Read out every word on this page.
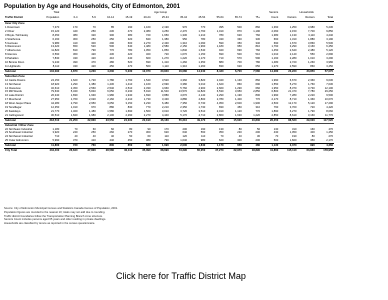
Population by Age and Households, City of Edmonton, 2001
	Total	Age Group											Seniors	Households		
Traffic District	Population	0-4	5-9	10-14	15-19	20-24	25-34	35-44	45-54	55-64	65-74	75+	Count	Owners	Renters	Total
Inner City Zone																
1 Downtown	7,370	170	70	85	190	1,160	2,190	970	770	395	500	860	1,360	1,250	3,980	5,230
2 Oliver	15,120	440	250	230	470	2,380	4,250	2,470	1,760	1,010	870	1,190	2,060	2,150	7,700	9,850
3 Boyle / McCauley	8,450	380	320	300	380	720	1,650	1,330	1,210	780	620	760	1,380	1,130	3,110	4,240
4 Strathcona	6,160	300	250	250	320	840	1,380	950	780	430	330	330	660	1,310	1,880	3,190
5 Garneau	9,980	410	300	290	600	2,270	2,430	1,310	1,090	590	350	340	690	1,670	3,860	5,530
6 Westmount	13,420	650	520	500	640	1,480	2,580	2,150	1,960	1,180	950	810	1,760	3,290	3,160	6,450
7 Alberta Ave	11,820	810	790	770	780	1,050	1,850	1,840	1,540	940	690	760	1,450	2,640	2,480	5,120
8 Glenora	6,590	360	420	430	420	320	720	1,070	1,150	690	500	510	1,010	2,140	550	2,690
9 Parkallen	7,830	430	420	410	440	600	1,270	1,220	1,170	710	570	590	1,160	2,280	1,010	3,290
10 Bonnie Doon	9,240	490	470	480	520	690	1,410	1,460	1,350	880	700	780	1,480	2,720	1,260	3,980
11 Highlands	8,110	430	420	450	470	560	1,110	1,310	1,260	830	620	650	1,270	2,590	860	3,450
Subtotal	104,090	4,870	4,230	4,230	5,230	12,070	20,840	16,080	14,040	8,430	6,700	7,580	14,280	23,220	33,850	57,070
Suburban Zone																
12 Castle Downs	24,150	1,620	1,720	1,780	1,760	1,540	3,520	4,360	3,820	2,040	1,130	860	1,990	6,670	2,360	9,030
13 Northwest	18,920	1,290	1,380	1,430	1,410	1,160	2,690	3,380	3,010	1,620	860	690	1,550	5,270	1,760	7,030
14 Clareview	32,610	2,450	2,560	2,540	2,510	2,330	4,960	5,760	4,900	2,660	1,290	660	1,950	8,370	3,730	12,100
15 Mill Woods	79,630	5,340	5,840	6,050	6,230	5,910	11,540	13,570	11,820	6,530	3,950	2,850	6,800	21,470	7,780	29,250
16 Lake District	26,340	1,830	1,930	1,980	1,940	1,690	3,880	4,670	4,140	2,290	1,190	800	1,990	7,280	2,220	9,500
17 Riverbend	27,950	1,760	2,020	2,160	2,210	1,730	3,430	4,880	4,800	2,780	1,400	770	2,170	8,710	1,360	10,070
18 West Jasper Place	44,280	2,790	2,950	3,050	3,150	3,230	6,480	7,350	6,730	4,050	2,600	1,900	4,500	12,170	5,120	17,290
19 Terwillegar	12,350	1,010	970	880	830	770	2,210	2,350	1,730	830	450	310	760	3,700	720	4,420
20 Kaskitayo	21,770	1,320	1,480	1,580	1,690	1,560	3,010	3,720	3,510	2,010	1,120	770	1,890	6,270	1,790	8,060
21 Callingwood	30,510	1,840	1,980	2,100	2,290	2,270	4,440	5,170	4,710	2,860	1,630	1,220	2,850	8,610	3,160	11,770
Subtotal	318,510	21,250	22,830	23,550	24,030	22,190	46,160	55,210	49,170	27,670	15,620	10,830	26,450	88,520	29,000	117,520
Industrial / Other Zone																
22 Northeast Industrial	1,180	70	60	60	80	90	170	200	190	130	80	50	130	310	160	470
23 Southeast Industrial	3,920	240	250	260	270	300	620	640	560	350	230	200	430	1,050	400	1,450
24 Northwest Industrial	710	40	40	40	50	60	110	120	110	70	40	30	70	190	80	270
25 Outer Edmonton	5,990	370	410	440	450	380	790	1,040	980	620	300	200	500	1,820	350	2,170
Subtotal	11,800	720	760	800	850	830	1,690	2,000	1,840	1,170	650	480	1,130	3,370	990	4,360
City Total	434,400	26,840	27,820	28,580	30,110	35,090	68,690	73,290	65,050	37,270	22,970	18,890	41,860	115,110	63,840	178,950
Source: City of Edmonton Municipal Census and Statistics Canada Census of Population, 2001.
Population figures are rounded to the nearest 10; totals may not add due to rounding.
Traffic district boundaries follow the Transportation Planning Branch zone structure.
Seniors Count includes persons aged 65 years and older residing in private dwellings.
Households are classified by tenure as reported in the census questionnaire.
Click here for Traffic District Map
